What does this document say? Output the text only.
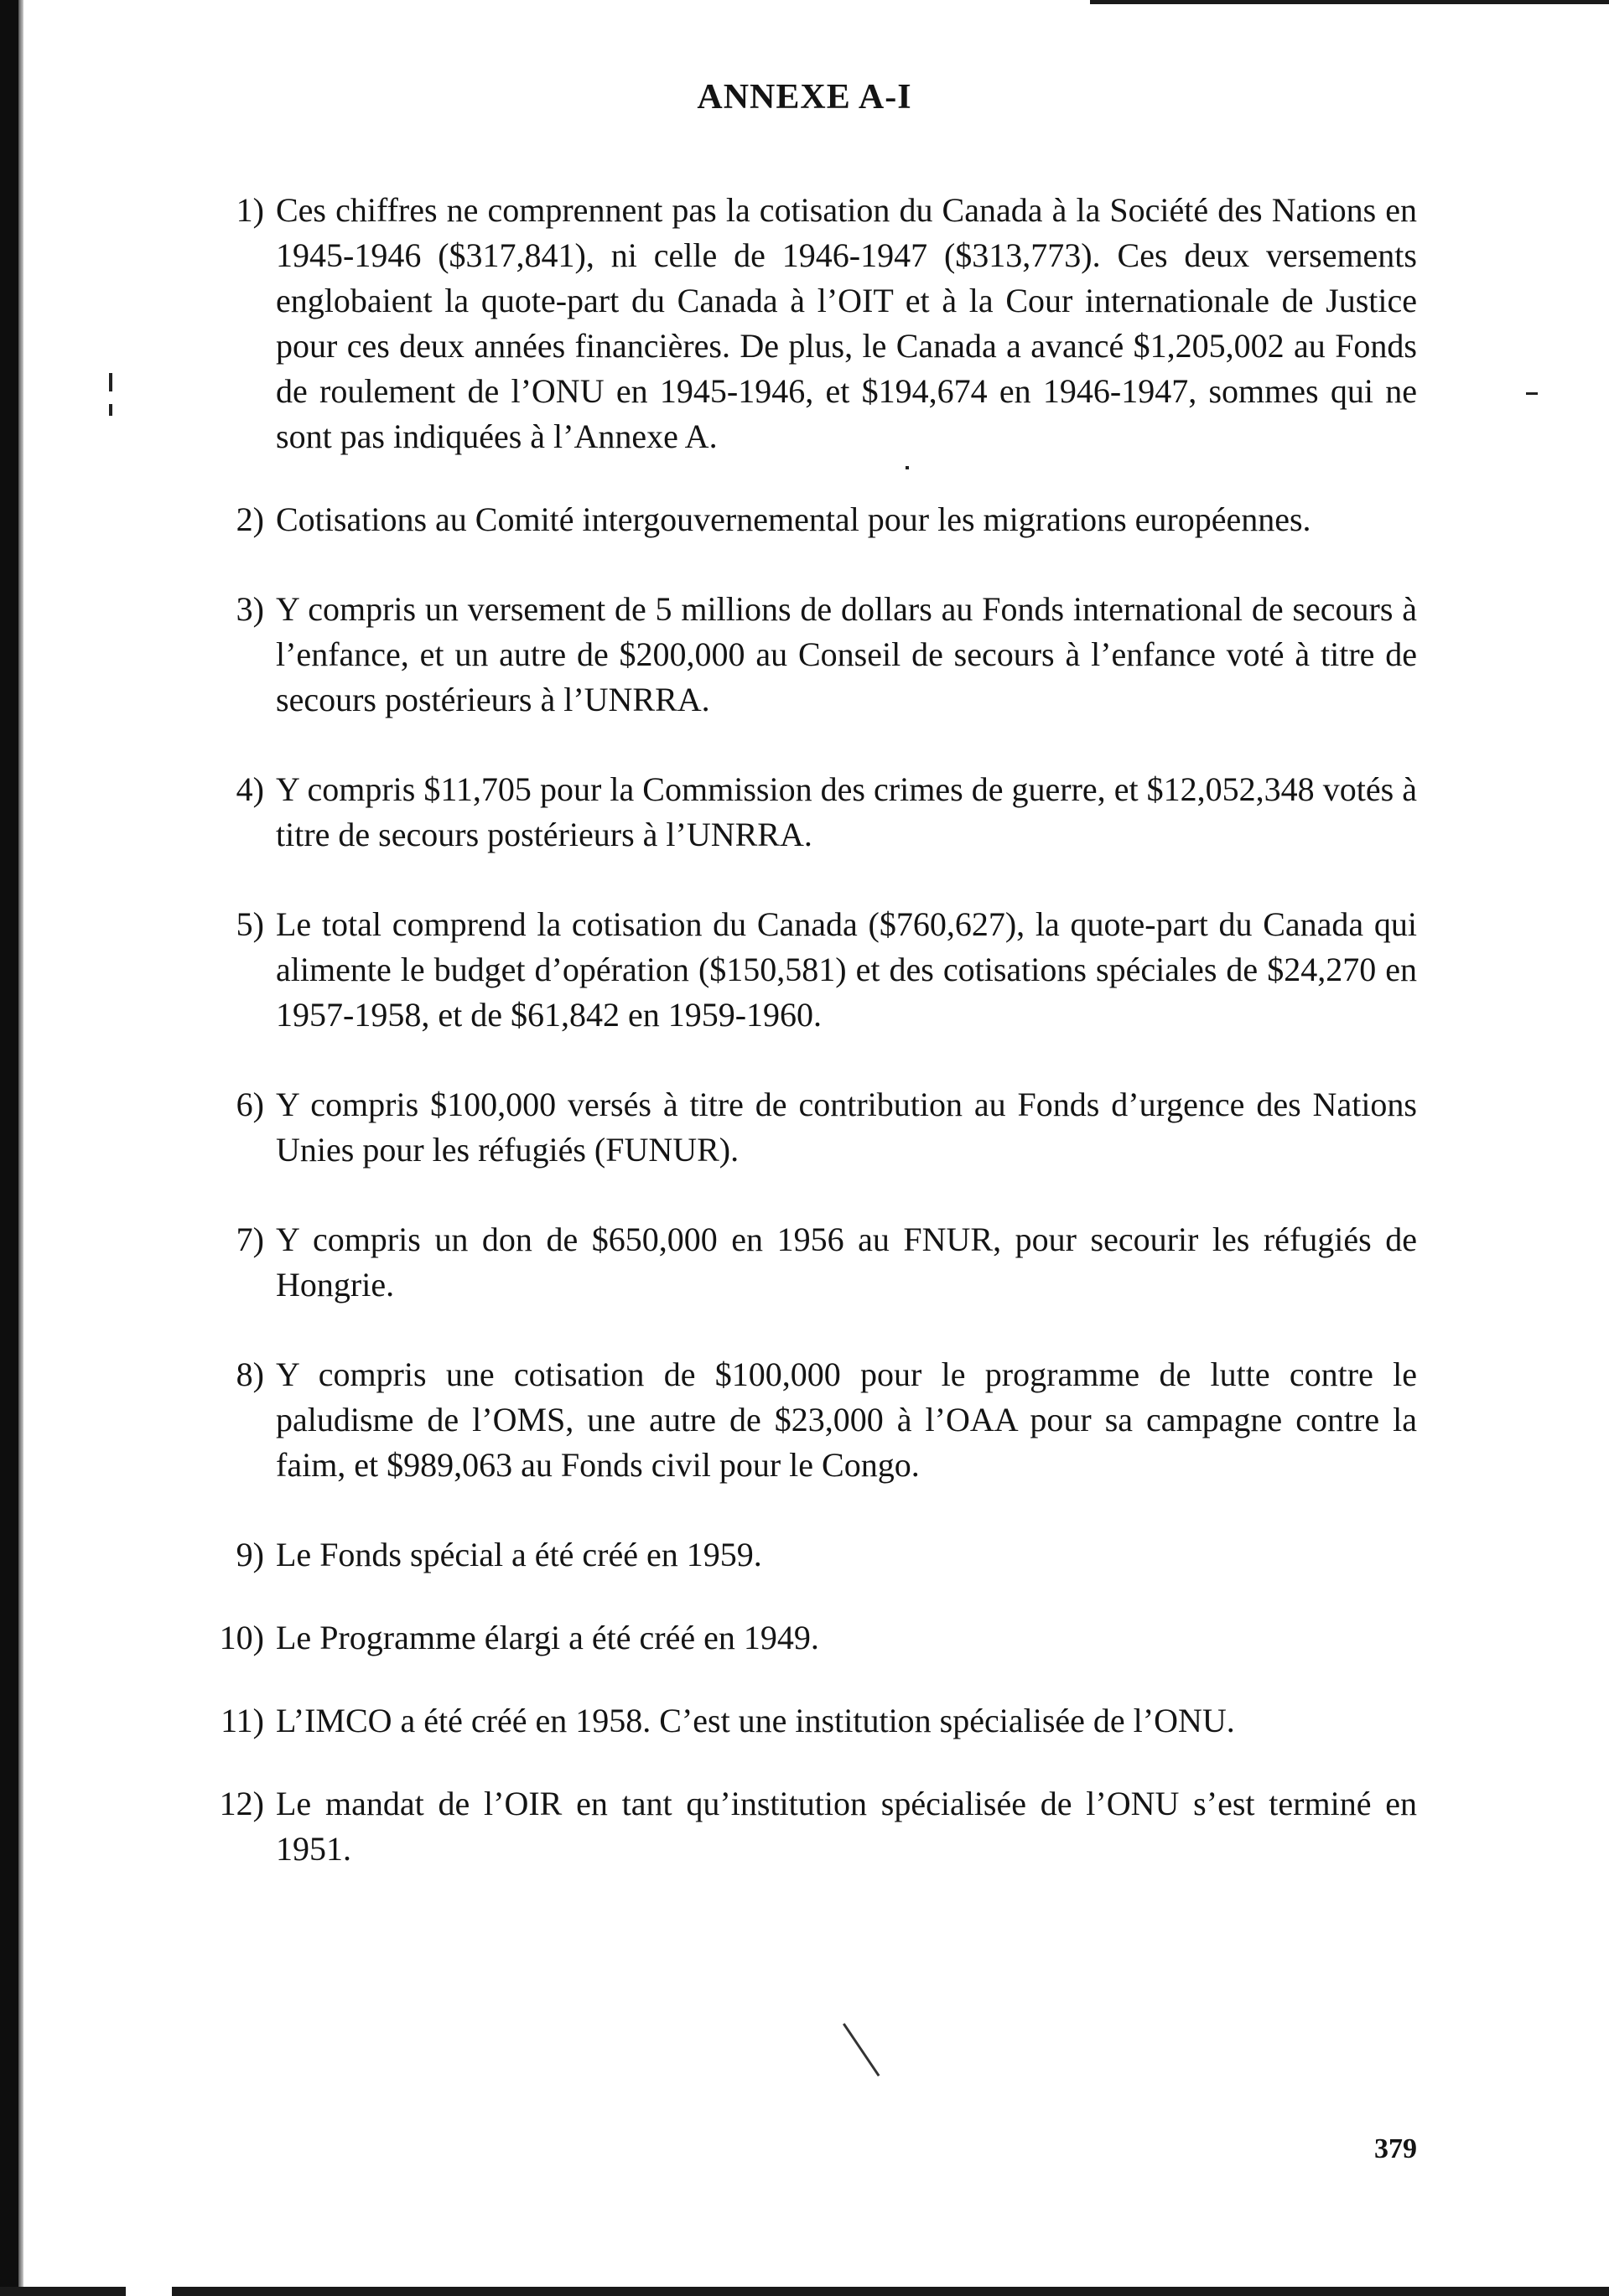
ANNEXE A-I
1) Ces chiffres ne comprennent pas la cotisation du Canada à la Société des Nations en 1945-1946 ($317,841), ni celle de 1946-1947 ($313,773). Ces deux versements englobaient la quote-part du Canada à l’OIT et à la Cour internationale de Justice pour ces deux années financières. De plus, le Canada a avancé $1,205,002 au Fonds de roulement de l’ONU en 1945-1946, et $194,674 en 1946-1947, sommes qui ne sont pas indiquées à l’Annexe A.
2) Cotisations au Comité intergouvernemental pour les migrations européennes.
3) Y compris un versement de 5 millions de dollars au Fonds international de secours à l’enfance, et un autre de $200,000 au Conseil de secours à l’enfance voté à titre de secours postérieurs à l’UNRRA.
4) Y compris $11,705 pour la Commission des crimes de guerre, et $12,052,348 votés à titre de secours postérieurs à l’UNRRA.
5) Le total comprend la cotisation du Canada ($760,627), la quote-part du Canada qui alimente le budget d’opération ($150,581) et des cotisations spéciales de $24,270 en 1957-1958, et de $61,842 en 1959-1960.
6) Y compris $100,000 versés à titre de contribution au Fonds d’urgence des Nations Unies pour les réfugiés (FUNUR).
7) Y compris un don de $650,000 en 1956 au FNUR, pour secourir les réfugiés de Hongrie.
8) Y compris une cotisation de $100,000 pour le programme de lutte contre le paludisme de l’OMS, une autre de $23,000 à l’OAA pour sa campagne contre la faim, et $989,063 au Fonds civil pour le Congo.
9) Le Fonds spécial a été créé en 1959.
10) Le Programme élargi a été créé en 1949.
11) L’IMCO a été créé en 1958. C’est une institution spécialisée de l’ONU.
12) Le mandat de l’OIR en tant qu’institution spécialisée de l’ONU s’est terminé en 1951.
379
